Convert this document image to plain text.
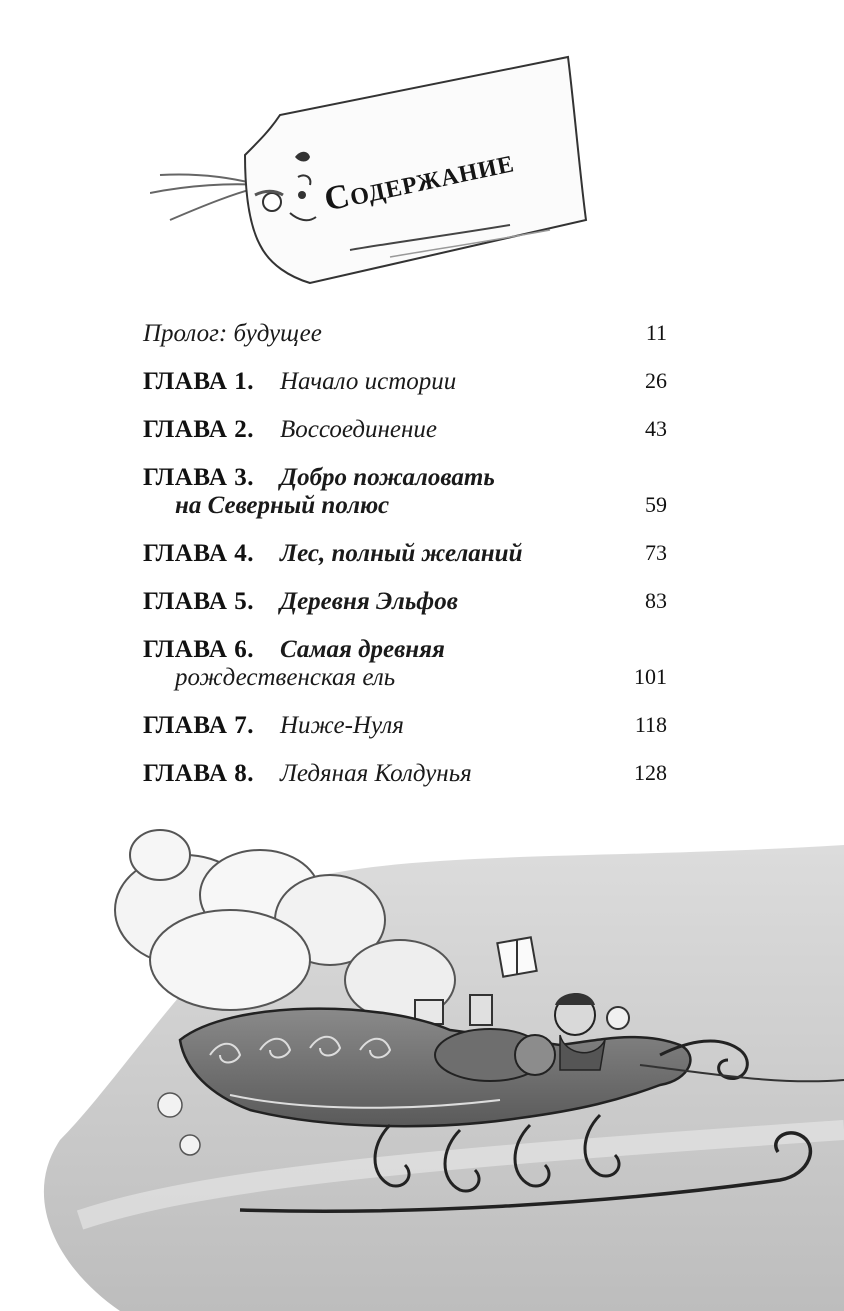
Содержание
Пролог: будущее	11
ГЛАВА 1. Начало истории	26
ГЛАВА 2. Воссоединение	43
ГЛАВА 3. Добро пожаловать
на Северный полюс	59
ГЛАВА 4. Лес, полный желаний	73
ГЛАВА 5. Деревня Эльфов	83
ГЛАВА 6. Самая древняя
рождественская ель	101
ГЛАВА 7. Ниже-Нуля	118
ГЛАВА 8. Ледяная Колдунья	128
